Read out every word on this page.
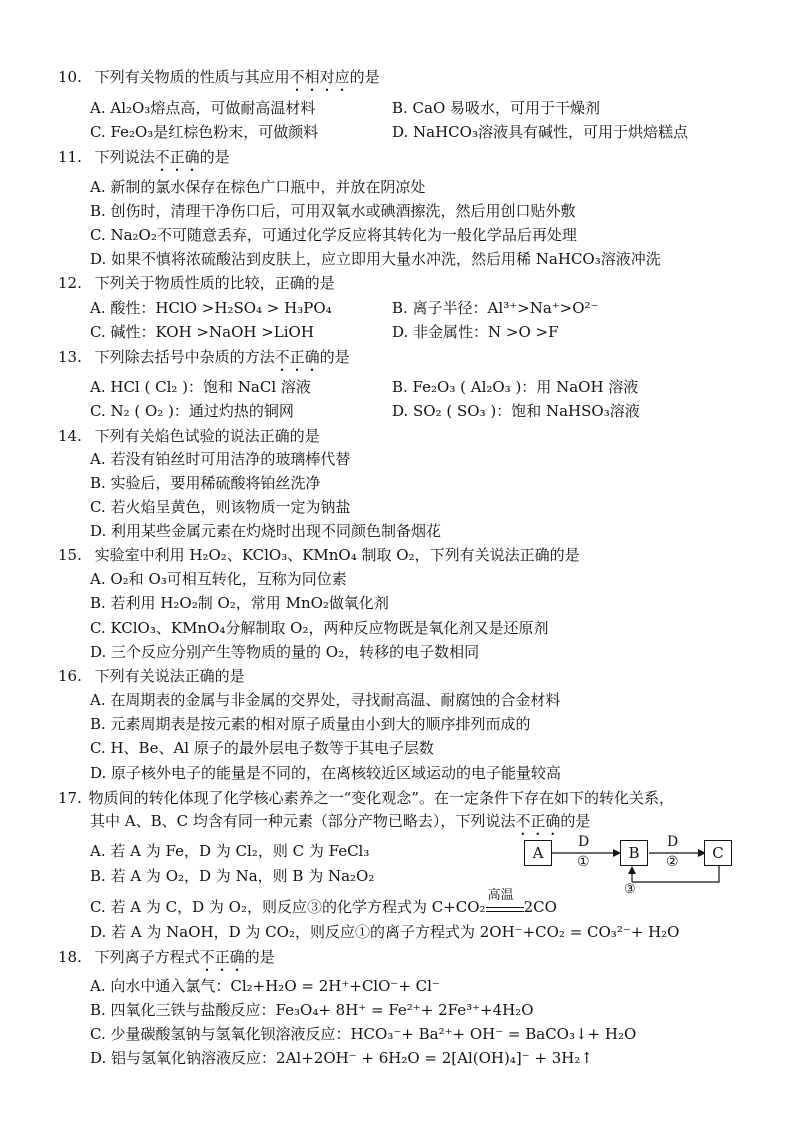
10. 下列有关物质的性质与其应用不相对应的是
A. Al₂O₃熔点高，可做耐高温材料	B. CaO 易吸水，可用于干燥剂
C. Fe₂O₃是红棕色粉末，可做颜料	D. NaHCO₃溶液具有碱性，可用于烘焙糕点
11. 下列说法不正确的是
A. 新制的氯水保存在棕色广口瓶中，并放在阴凉处
B. 创伤时，清理干净伤口后，可用双氧水或碘酒擦洗，然后用创口贴外敷
C. Na₂O₂不可随意丢弃，可通过化学反应将其转化为一般化学品后再处理
D. 如果不慎将浓硫酸沾到皮肤上，应立即用大量水冲洗，然后用稀 NaHCO₃溶液冲洗
12. 下列关于物质性质的比较，正确的是
A. 酸性：HClO >H₂SO₄ > H₃PO₄	B. 离子半径：Al³⁺>Na⁺>O²⁻
C. 碱性：KOH >NaOH >LiOH	D. 非金属性：N >O >F
13. 下列除去括号中杂质的方法不正确的是
A. HCl ( Cl₂ )：饱和 NaCl 溶液	B. Fe₂O₃ ( Al₂O₃ )：用 NaOH 溶液
C. N₂ ( O₂ )：通过灼热的铜网	D. SO₂ ( SO₃ )：饱和 NaHSO₃溶液
14. 下列有关焰色试验的说法正确的是
A. 若没有铂丝时可用洁净的玻璃棒代替
B. 实验后，要用稀硫酸将铂丝洗净
C. 若火焰呈黄色，则该物质一定为钠盐
D. 利用某些金属元素在灼烧时出现不同颜色制备烟花
15. 实验室中利用 H₂O₂、KClO₃、KMnO₄ 制取 O₂，下列有关说法正确的是
A. O₂和 O₃可相互转化，互称为同位素
B. 若利用 H₂O₂制 O₂，常用 MnO₂做氧化剂
C. KClO₃、KMnO₄分解制取 O₂，两种反应物既是氧化剂又是还原剂
D. 三个反应分别产生等物质的量的 O₂，转移的电子数相同
16. 下列有关说法正确的是
A. 在周期表的金属与非金属的交界处，寻找耐高温、耐腐蚀的合金材料
B. 元素周期表是按元素的相对原子质量由小到大的顺序排列而成的
C. H、Be、Al 原子的最外层电子数等于其电子层数
D. 原子核外电子的能量是不同的，在离核较近区域运动的电子能量较高
17. 物质间的转化体现了化学核心素养之一“变化观念”。在一定条件下存在如下的转化关系，
其中 A、B、C 均含有同一种元素（部分产物已略去），下列说法不正确的是
A. 若 A 为 Fe，D 为 Cl₂，则 C 为 FeCl₃
B. 若 A 为 O₂，D 为 Na，则 B 为 Na₂O₂
C. 若 A 为 C，D 为 O₂，则反应③的化学方程式为 C+CO₂
高温
2CO
D. 若 A 为 NaOH，D 为 CO₂，则反应①的离子方程式为 2OH⁻+CO₂ = CO₃²⁻+ H₂O
A	B	C
D
①
D
②
③
18. 下列离子方程式不正确的是
A. 向水中通入氯气：Cl₂+H₂O = 2H⁺+ClO⁻+ Cl⁻
B. 四氧化三铁与盐酸反应：Fe₃O₄+ 8H⁺ = Fe²⁺+ 2Fe³⁺+4H₂O
C. 少量碳酸氢钠与氢氧化钡溶液反应：HCO₃⁻+ Ba²⁺+ OH⁻ = BaCO₃↓+ H₂O
D. 铝与氢氧化钠溶液反应：2Al+2OH⁻ + 6H₂O = 2[Al(OH)₄]⁻ + 3H₂↑
